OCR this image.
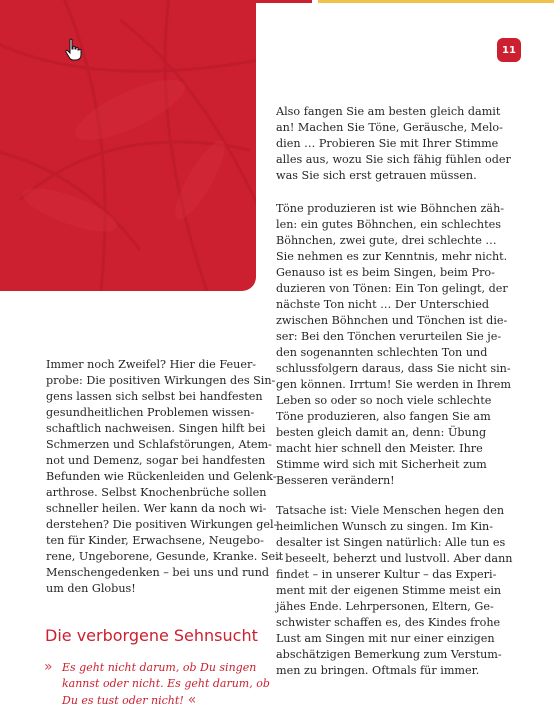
11
Immer noch Zweifel? Hier die Feuer-
probe: Die positiven Wirkungen des Sin-
gens lassen sich selbst bei handfesten
gesundheitlichen Problemen wissen-
schaftlich nachweisen. Singen hilft bei
Schmerzen und Schlafstörungen, Atem-
not und Demenz, sogar bei handfesten
Befunden wie Rückenleiden und Gelenk-
arthrose. Selbst Knochenbrüche sollen
schneller heilen. Wer kann da noch wi-
derstehen? Die positiven Wirkungen gel-
ten für Kinder, Erwachsene, Neugebo-
rene, Ungeborene, Gesunde, Kranke. Seit
Menschengedenken – bei uns und rund
um den Globus!
Die verborgene Sehnsucht
» Es geht nicht darum, ob Du singen
kannst oder nicht. Es geht darum, ob
Du es tust oder nicht! «
Also fangen Sie am besten gleich damit
an! Machen Sie Töne, Geräusche, Melo-
dien … Probieren Sie mit Ihrer Stimme
alles aus, wozu Sie sich fähig fühlen oder
was Sie sich erst getrauen müssen.
Töne produzieren ist wie Böhnchen zäh-
len: ein gutes Böhnchen, ein schlechtes
Böhnchen, zwei gute, drei schlechte …
Sie nehmen es zur Kenntnis, mehr nicht.
Genauso ist es beim Singen, beim Pro-
duzieren von Tönen: Ein Ton gelingt, der
nächste Ton nicht … Der Unterschied
zwischen Böhnchen und Tönchen ist die-
ser: Bei den Tönchen verurteilen Sie je-
den sogenannten schlechten Ton und
schlussfolgern daraus, dass Sie nicht sin-
gen können. Irrtum! Sie werden in Ihrem
Leben so oder so noch viele schlechte
Töne produzieren, also fangen Sie am
besten gleich damit an, denn: Übung
macht hier schnell den Meister. Ihre
Stimme wird sich mit Sicherheit zum
Besseren verändern!
Tatsache ist: Viele Menschen hegen den
heimlichen Wunsch zu singen. Im Kin-
desalter ist Singen natürlich: Alle tun es
– beseelt, beherzt und lustvoll. Aber dann
findet – in unserer Kultur – das Experi-
ment mit der eigenen Stimme meist ein
jähes Ende. Lehrpersonen, Eltern, Ge-
schwister schaffen es, des Kindes frohe
Lust am Singen mit nur einer einzigen
abschätzigen Bemerkung zum Verstum-
men zu bringen. Oftmals für immer.
